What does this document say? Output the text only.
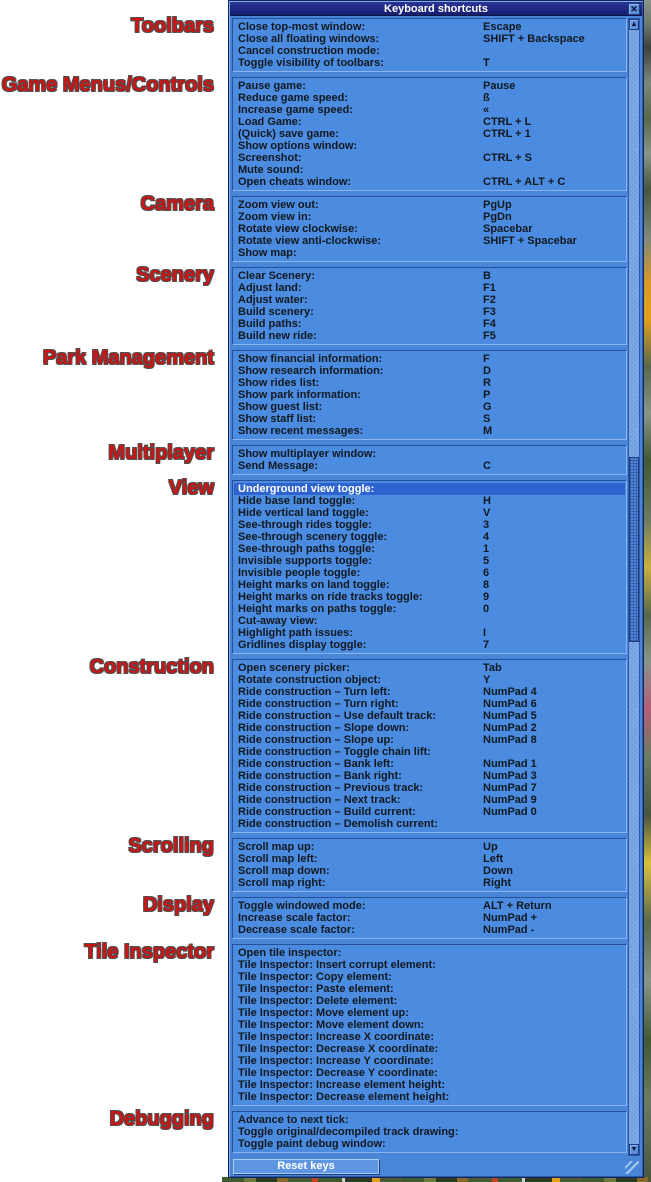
Keyboard shortcuts	✕
Close top-most window:	Escape
Close all floating windows:	SHIFT + Backspace
Cancel construction mode:
Toggle visibility of toolbars:	T
Pause game:	Pause
Reduce game speed:	ß
Increase game speed:	«
Load Game:	CTRL + L
(Quick) save game:	CTRL + 1
Show options window:
Screenshot:	CTRL + S
Mute sound:
Open cheats window:	CTRL + ALT + C
Zoom view out:	PgUp
Zoom view in:	PgDn
Rotate view clockwise:	Spacebar
Rotate view anti-clockwise:	SHIFT + Spacebar
Show map:
Clear Scenery:	B
Adjust land:	F1
Adjust water:	F2
Build scenery:	F3
Build paths:	F4
Build new ride:	F5
Show financial information:	F
Show research information:	D
Show rides list:	R
Show park information:	P
Show guest list:	G
Show staff list:	S
Show recent messages:	M
Show multiplayer window:
Send Message:	C
Underground view toggle:
Hide base land toggle:	H
Hide vertical land toggle:	V
See-through rides toggle:	3
See-through scenery toggle:	4
See-through paths toggle:	1
Invisible supports toggle:	5
Invisible people toggle:	6
Height marks on land toggle:	8
Height marks on ride tracks toggle:	9
Height marks on paths toggle:	0
Cut-away view:
Highlight path issues:	I
Gridlines display toggle:	7
Open scenery picker:	Tab
Rotate construction object:	Y
Ride construction – Turn left:	NumPad 4
Ride construction – Turn right:	NumPad 6
Ride construction – Use default track:	NumPad 5
Ride construction – Slope down:	NumPad 2
Ride construction – Slope up:	NumPad 8
Ride construction – Toggle chain lift:
Ride construction – Bank left:	NumPad 1
Ride construction – Bank right:	NumPad 3
Ride construction – Previous track:	NumPad 7
Ride construction – Next track:	NumPad 9
Ride construction – Build current:	NumPad 0
Ride construction – Demolish current:
Scroll map up:	Up
Scroll map left:	Left
Scroll map down:	Down
Scroll map right:	Right
Toggle windowed mode:	ALT + Return
Increase scale factor:	NumPad +
Decrease scale factor:	NumPad -
Open tile inspector:
Tile Inspector: Insert corrupt element:
Tile Inspector: Copy element:
Tile Inspector: Paste element:
Tile Inspector: Delete element:
Tile Inspector: Move element up:
Tile Inspector: Move element down:
Tile Inspector: Increase X coordinate:
Tile Inspector: Decrease X coordinate:
Tile Inspector: Increase Y coordinate:
Tile Inspector: Decrease Y coordinate:
Tile Inspector: Increase element height:
Tile Inspector: Decrease element height:
Advance to next tick:
Toggle original/decompiled track drawing:
Toggle paint debug window:
▲
▼
Reset keys
Toolbars
Game Menus/Controls
Camera
Scenery
Park Management
Multiplayer
View
Construction
Scrolling
Display
Tile Inspector
Debugging
